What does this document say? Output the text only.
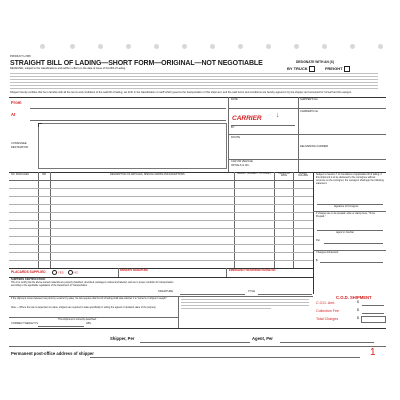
PRODUCT H-558
STRAIGHT BILL OF LADING—SHORT FORM—ORIGINAL—NOT NEGOTIABLE	DESIGNATE WITH AN (X)
BY TRUCK	FREIGHT
RECEIVED, subject to the classifications and tariffs in effect on the date of issue of this Bill of Lading,
Shipper hereby certifies that he is familiar with all the terms and conditions of the said bill of lading, set forth in the classification or tariff which governs the transportation of this shipment, and the said terms and conditions are hereby agreed to by the shipper and accepted for himself and his assigns.
From
At
CONSIGNEE
DESTINATION
DATE	SHIPPER'S No.
CARRIER ↓
BY
CARRIER'S No.
ROUTE
DELIVERING CARRIER
CAR OR VEHICLE
INITIALS & NO.
NO. PACKAGES	HM	DESCRIPTION OF ARTICLES, SPECIAL MARKS AND EXCEPTIONS	WEIGHT (SUBJECT TO CORR.)	CLASS OR RATE
CHECK COLUMN
Subject to Section 7 of Conditions of applicable bill of lading, if this shipment is to be delivered to the consignee without recourse on the consignor, the consignor shall sign the following statement.
Signature of Consignor
If charges are to be prepaid, write or stamp here, "To be Prepaid."
Agent or Cashier
Per
Charges Advanced:
$
PLACARDS SUPPLIED	YES	NO	DRIVER'S SIGNATURE	EMERGENCY RESPONSE PHONE NO.
SHIPPERS CERTIFICATION:
This is to certify that the above-named materials are properly classified, described, packaged, marked and labeled, and are in proper condition for transportation according to the applicable regulations of the Department of Transportation.
SIGNATURE	TITLE
C.O.D. SHIPMENT
C.O.D. Amt.	$
Collection Fee	$
Total Charges	$
If the shipment moves between two ports by a carrier by water, the law requires that the bill of lading shall state whether it is "carrier's or shipper's weight."
Note — Where the rate is dependent on value, shippers are required to state specifically in writing the agreed or declared value of the property.
This shipment is correctly described.
CORRECT WEIGHT IS	LBS.
Shipper, Per	Agent, Per
Permanent post-office address of shipper	1
